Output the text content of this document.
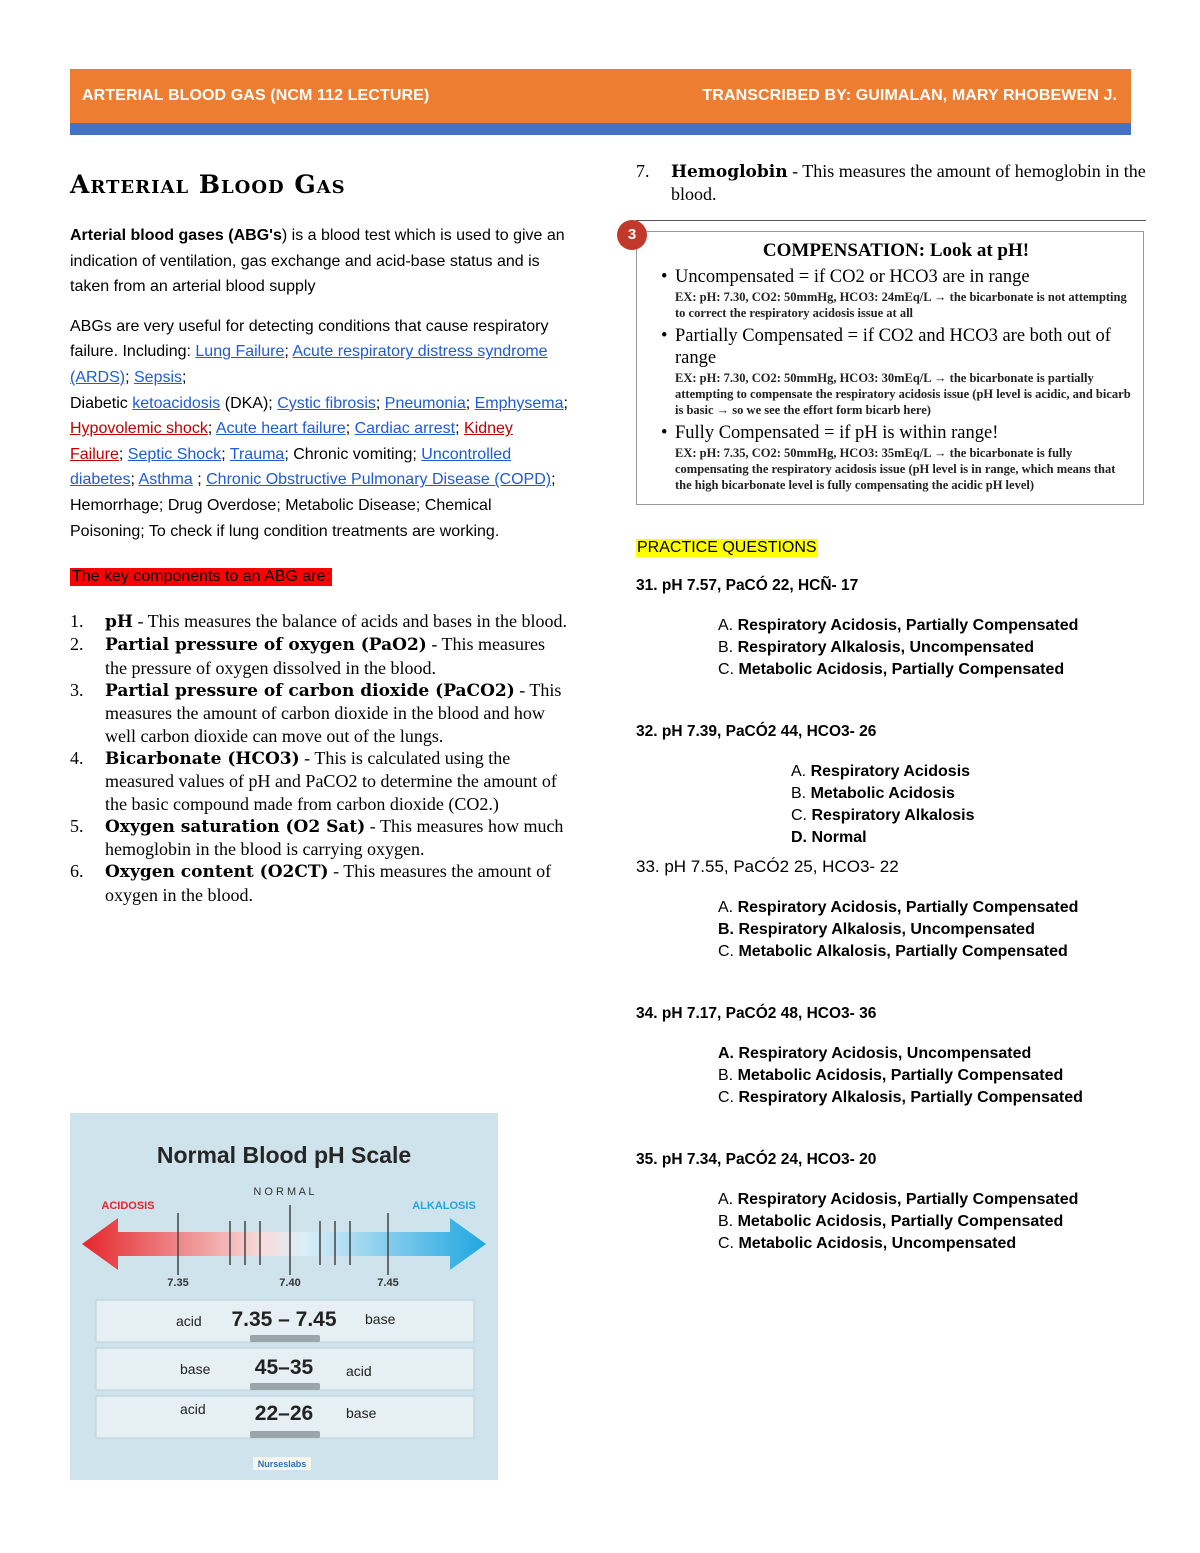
ARTERIAL BLOOD GAS (NCM 112 LECTURE)	TRANSCRIBED BY: GUIMALAN, MARY RHOBEWEN J.
Arterial Blood Gas

Arterial blood gases (ABG's) is a blood test which is used to give an indication of ventilation, gas exchange and acid-base status and is taken from an arterial blood supply

ABGs are very useful for detecting conditions that cause respiratory failure. Including: Lung Failure; Acute respiratory distress syndrome (ARDS); Sepsis;
Diabetic ketoacidosis (DKA); Cystic fibrosis; Pneumonia; Emphysema; Hypovolemic shock; Acute heart failure; Cardiac arrest; Kidney Failure; Septic Shock; Trauma; Chronic vomiting; Uncontrolled diabetes; Asthma ; Chronic Obstructive Pulmonary Disease (COPD); Hemorrhage; Drug Overdose; Metabolic Disease; Chemical Poisoning; To check if lung condition treatments are working.

The key components to an ABG are:
1.	pH - This measures the balance of acids and bases in the blood.
2.	Partial pressure of oxygen (PaO2) - This measures the pressure of oxygen dissolved in the blood.
3.	Partial pressure of carbon dioxide (PaCO2) - This measures the amount of carbon dioxide in the blood and how well carbon dioxide can move out of the lungs.
4.	Bicarbonate (HCO3) - This is calculated using the measured values of pH and PaCO2 to determine the amount of the basic compound made from carbon dioxide (CO2.)
5.	Oxygen saturation (O2 Sat) - This measures how much hemoglobin in the blood is carrying oxygen.
6.	Oxygen content (O2CT) - This measures the amount of oxygen in the blood.
Normal Blood pH Scale
N O R M A L
ACIDOSIS	ALKALOSIS
7.35	7.40	7.45
acid 7.35 – 7.45 base
base 45–35 acid
acid 22–26 base
Nurseslabs
7.	Hemoglobin - This measures the amount of hemoglobin in the blood.
3
COMPENSATION: Look at pH!
• Uncompensated = if CO2 or HCO3 are in range
EX: pH: 7.30, CO2: 50mmHg, HCO3: 24mEq/L → the bicarbonate is not attempting to correct the respiratory acidosis issue at all
• Partially Compensated = if CO2 and HCO3 are both out of range
EX: pH: 7.30, CO2: 50mmHg, HCO3: 30mEq/L → the bicarbonate is partially attempting to compensate the respiratory acidosis issue (pH level is acidic, and bicarb is basic → so we see the effort form bicarb here)
• Fully Compensated = if pH is within range!
EX: pH: 7.35, CO2: 50mmHg, HCO3: 35mEq/L → the bicarbonate is fully compensating the respiratory acidosis issue (pH level is in range, which means that the high bicarbonate level is fully compensating the acidic pH level)
PRACTICE QUESTIONS
31. pH 7.57, PaCÓ 22, HCÑ- 17
A. Respiratory Acidosis, Partially Compensated
B. Respiratory Alkalosis, Uncompensated
C. Metabolic Acidosis, Partially Compensated
32. pH 7.39, PaCÓ2 44, HCO3- 26
A. Respiratory Acidosis
B. Metabolic Acidosis
C. Respiratory Alkalosis
D. Normal
33. pH 7.55, PaCÓ2 25, HCO3- 22
A. Respiratory Acidosis, Partially Compensated
B. Respiratory Alkalosis, Uncompensated
C. Metabolic Alkalosis, Partially Compensated
34. pH 7.17, PaCÓ2 48, HCO3- 36
A. Respiratory Acidosis, Uncompensated
B. Metabolic Acidosis, Partially Compensated
C. Respiratory Alkalosis, Partially Compensated
35. pH 7.34, PaCÓ2 24, HCO3- 20
A. Respiratory Acidosis, Partially Compensated
B. Metabolic Acidosis, Partially Compensated
C. Metabolic Acidosis, Uncompensated
